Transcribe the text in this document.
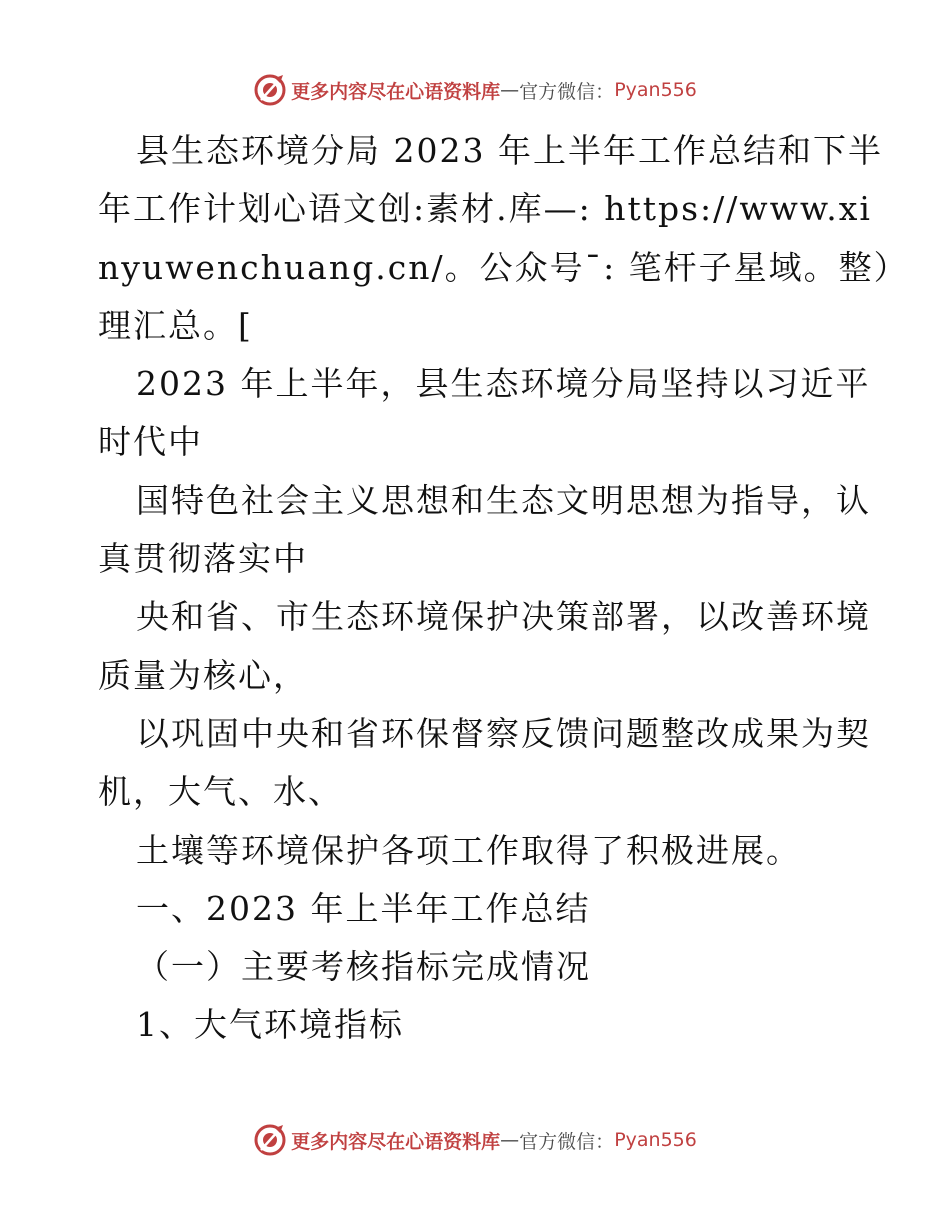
更多内容尽在心语资料库 — 官方微信： Pyan556
县生态环境分局 2023 年上半年工作总结和下半
年工作计划心语文创:素材.库—: https://www.xi
nyuwenchuang.cn/。公众号¯: 笔杆子星域。整）
理汇总。[
2023 年上半年，县生态环境分局坚持以习近平
时代中
国特色社会主义思想和生态文明思想为指导，认
真贯彻落实中
央和省、市生态环境保护决策部署，以改善环境
质量为核心，
以巩固中央和省环保督察反馈问题整改成果为契
机，大气、水、
土壤等环境保护各项工作取得了积极进展。
一、2023 年上半年工作总结
（一）主要考核指标完成情况
1、大气环境指标
更多内容尽在心语资料库 — 官方微信： Pyan556
